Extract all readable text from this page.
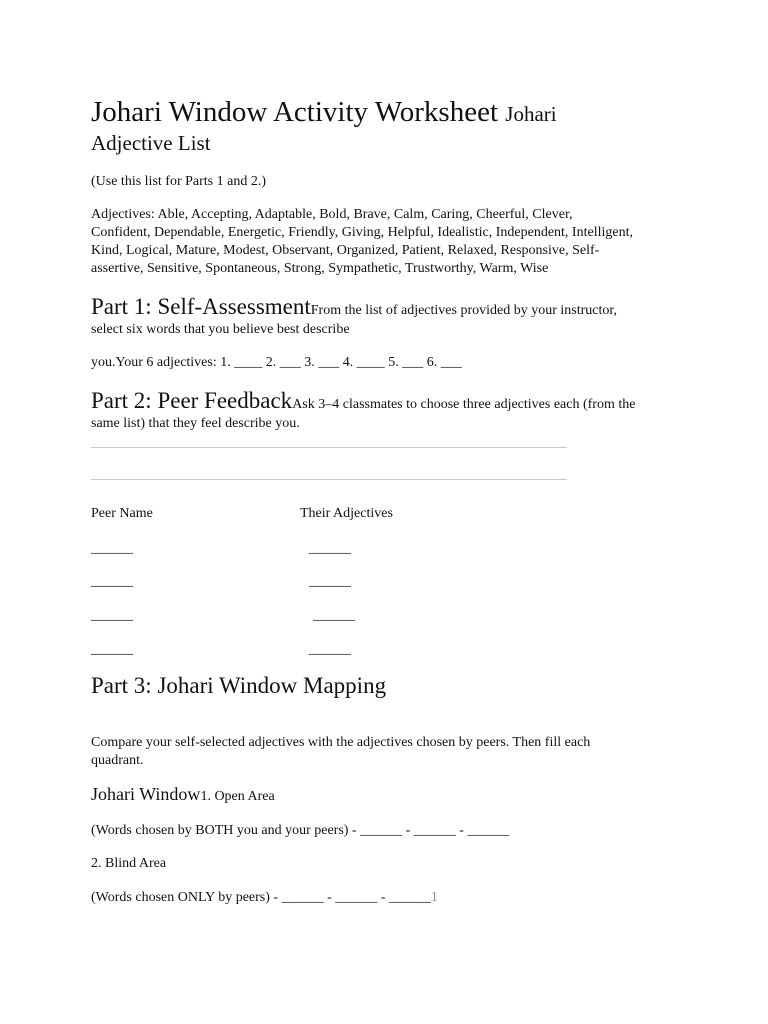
Johari Window Activity Worksheet Johari
Adjective List
(Use this list for Parts 1 and 2.)
Adjectives: Able, Accepting, Adaptable, Bold, Brave, Calm, Caring, Cheerful, Clever,
Confident, Dependable, Energetic, Friendly, Giving, Helpful, Idealistic, Independent, Intelligent,
Kind, Logical, Mature, Modest, Observant, Organized, Patient, Relaxed, Responsive, Self-
assertive, Sensitive, Spontaneous, Strong, Sympathetic, Trustworthy, Warm, Wise
Part 1: Self-AssessmentFrom the list of adjectives provided by your instructor,
select six words that you believe best describe
you.Your 6 adjectives: 1. ____ 2. ___ 3. ___ 4. ____ 5. ___ 6. ___
Part 2: Peer FeedbackAsk 3–4 classmates to choose three adjectives each (from the
same list) that they feel describe you.
Peer Name	Their Adjectives
______	______
______	______
______	______
______	______
Part 3: Johari Window Mapping
Compare your self-selected adjectives with the adjectives chosen by peers. Then fill each
quadrant.
Johari Window1. Open Area
(Words chosen by BOTH you and your peers) - ______ - ______ - ______
2. Blind Area
(Words chosen ONLY by peers) - ______ - ______ - ______1
